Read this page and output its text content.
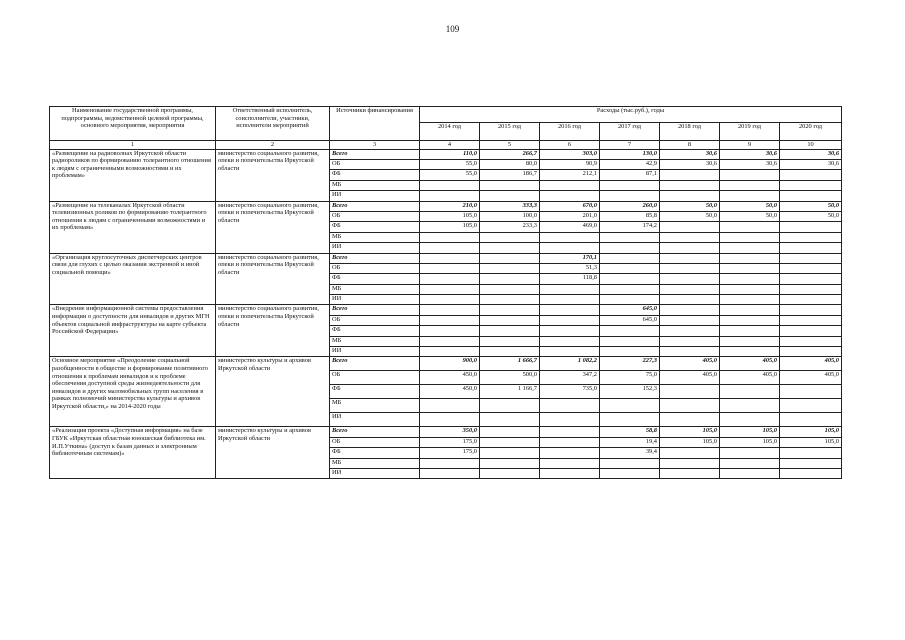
109
Наименование государственной программы, подпрограммы, ведомственной целевой программы, основного мероприятия, мероприятия	Ответственный исполнитель, соисполнители, участники, исполнители мероприятий	Источники финансирования	Расходы (тыс.руб.), годы						
			2014 год	2015 год	2016 год	2017 год	2018 год	2019 год	2020 год
1	2	3	4	5	6	7	8	9	10
«Размещение на радиоволнах Иркутской области радиороликов по формированию толерантного отношения к людям с ограниченными возможностями и их проблемам»	министерство социального развития, опеки и попечительства Иркутской области	Всего	110,0	266,7	303,0	130,0	30,6	30,6	30,6
		ОБ	55,0	80,0	90,9	42,9	30,6	30,6	30,6
		ФБ	55,0	186,7	212,1	87,1			
		МБ							
		ИИ							
«Размещение на телеканалах Иркутской области телевизионных роликов по формированию толерантного отношения к людям с ограниченными возможностями и их проблемам»	министерство социального развития, опеки и попечительства Иркутской области	Всего	210,0	333,3	670,0	260,0	50,0	50,0	50,0
		ОБ	105,0	100,0	201,0	85,8	50,0	50,0	50,0
		ФБ	105,0	233,3	469,0	174,2			
		МБ							
		ИИ							
«Организация круглосуточных диспетчерских центров связи для глухих с целью оказания экстренной и иной социальной помощи»	министерство социального развития, опеки и попечительства Иркутской области	Всего			170,1				
		ОБ			51,3				
		ФБ			118,8				
		МБ							
		ИИ							
«Внедрение информационной системы предоставления информации о доступности для инвалидов и других МГН объектов социальной инфраструктуры на карте субъекта Российской Федерации»	министерство социального развития, опеки и попечительства Иркутской области	Всего				645,0			
		ОБ				645,0			
		ФБ							
		МБ							
		ИИ							
Основное мероприятие «Преодоление социальной разобщенности в обществе и формирование позитивного отношения к проблемам инвалидов и к проблеме обеспечения доступной среды жизнедеятельности для инвалидов и других маломобильных групп населения в рамках полномочий министерства культуры и архивов Иркутской области,» на 2014-2020 годы	министерство культуры и архивов Иркутской области	Всего	900,0	1 666,7	1 082,2	227,3	405,0	405,0	405,0
		ОБ	450,0	500,0	347,2	75,0	405,0	405,0	405,0
		ФБ	450,0	1 166,7	735,0	152,3			
		МБ							
		ИИ							
«Реализация проекта «Доступная информация» на базе ГБУК «Иркутская областная юношеская библиотека им. И.П.Уткина» (доступ к базам данных и электронным библиотечным системам)»	министерство культуры и архивов Иркутской области	Всего	350,0			58,8	105,0	105,0	105,0
		ОБ	175,0			19,4	105,0	105,0	105,0
		ФБ	175,0			39,4			
		МБ							
		ИИ							
